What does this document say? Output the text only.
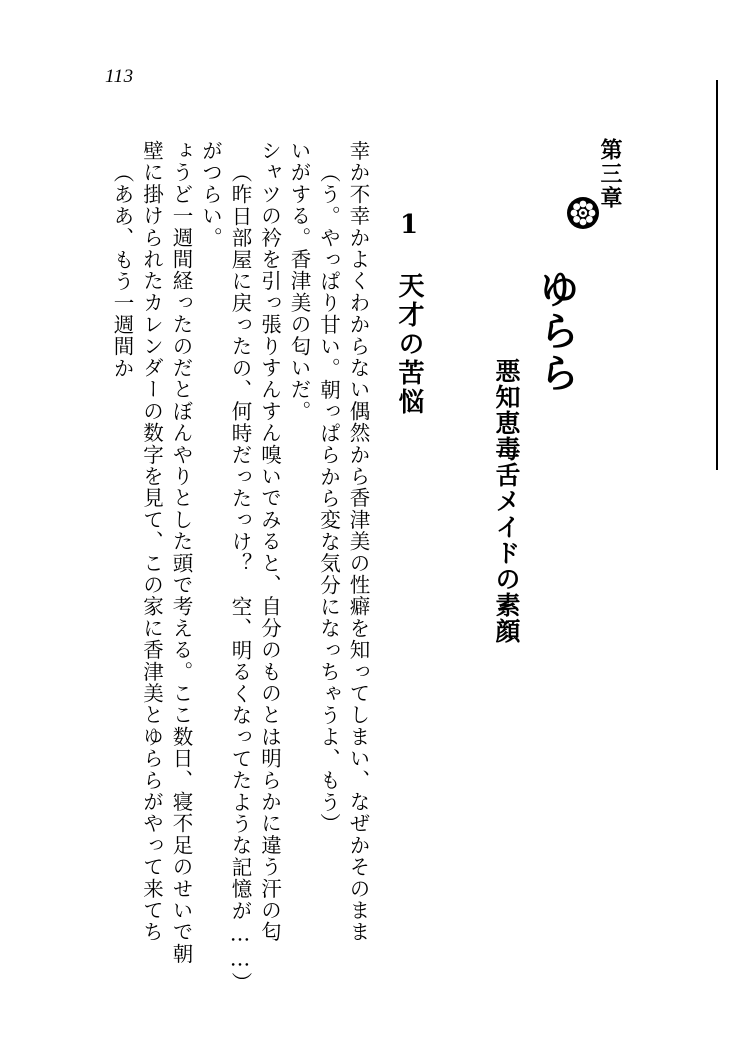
113
悪知恵毒舌メイドの素顔
ゆらら
第三章
1　天才の苦悩
（ああ、もう一週間か 壁に掛けられたカレンダーの数字を見て、この家に香津美とゆららがやって来てち ょうど一週間経ったのだとぼんやりとした頭で考える。ここ数日、寝不足のせいで朝 がつらい。 （昨日部屋に戻ったの、何時だったっけ？　空、明るくなってたような記憶が……） シャツの衿を引っ張りすんすん嗅いでみると、自分のものとは明らかに違う汗の匂 いがする。香津美の匂いだ。 （う。やっぱり甘い。朝っぱらから変な気分になっちゃうよ、もう） 幸か不幸かよくわからない偶然から香津美の性癖を知ってしまい、なぜかそのまま
